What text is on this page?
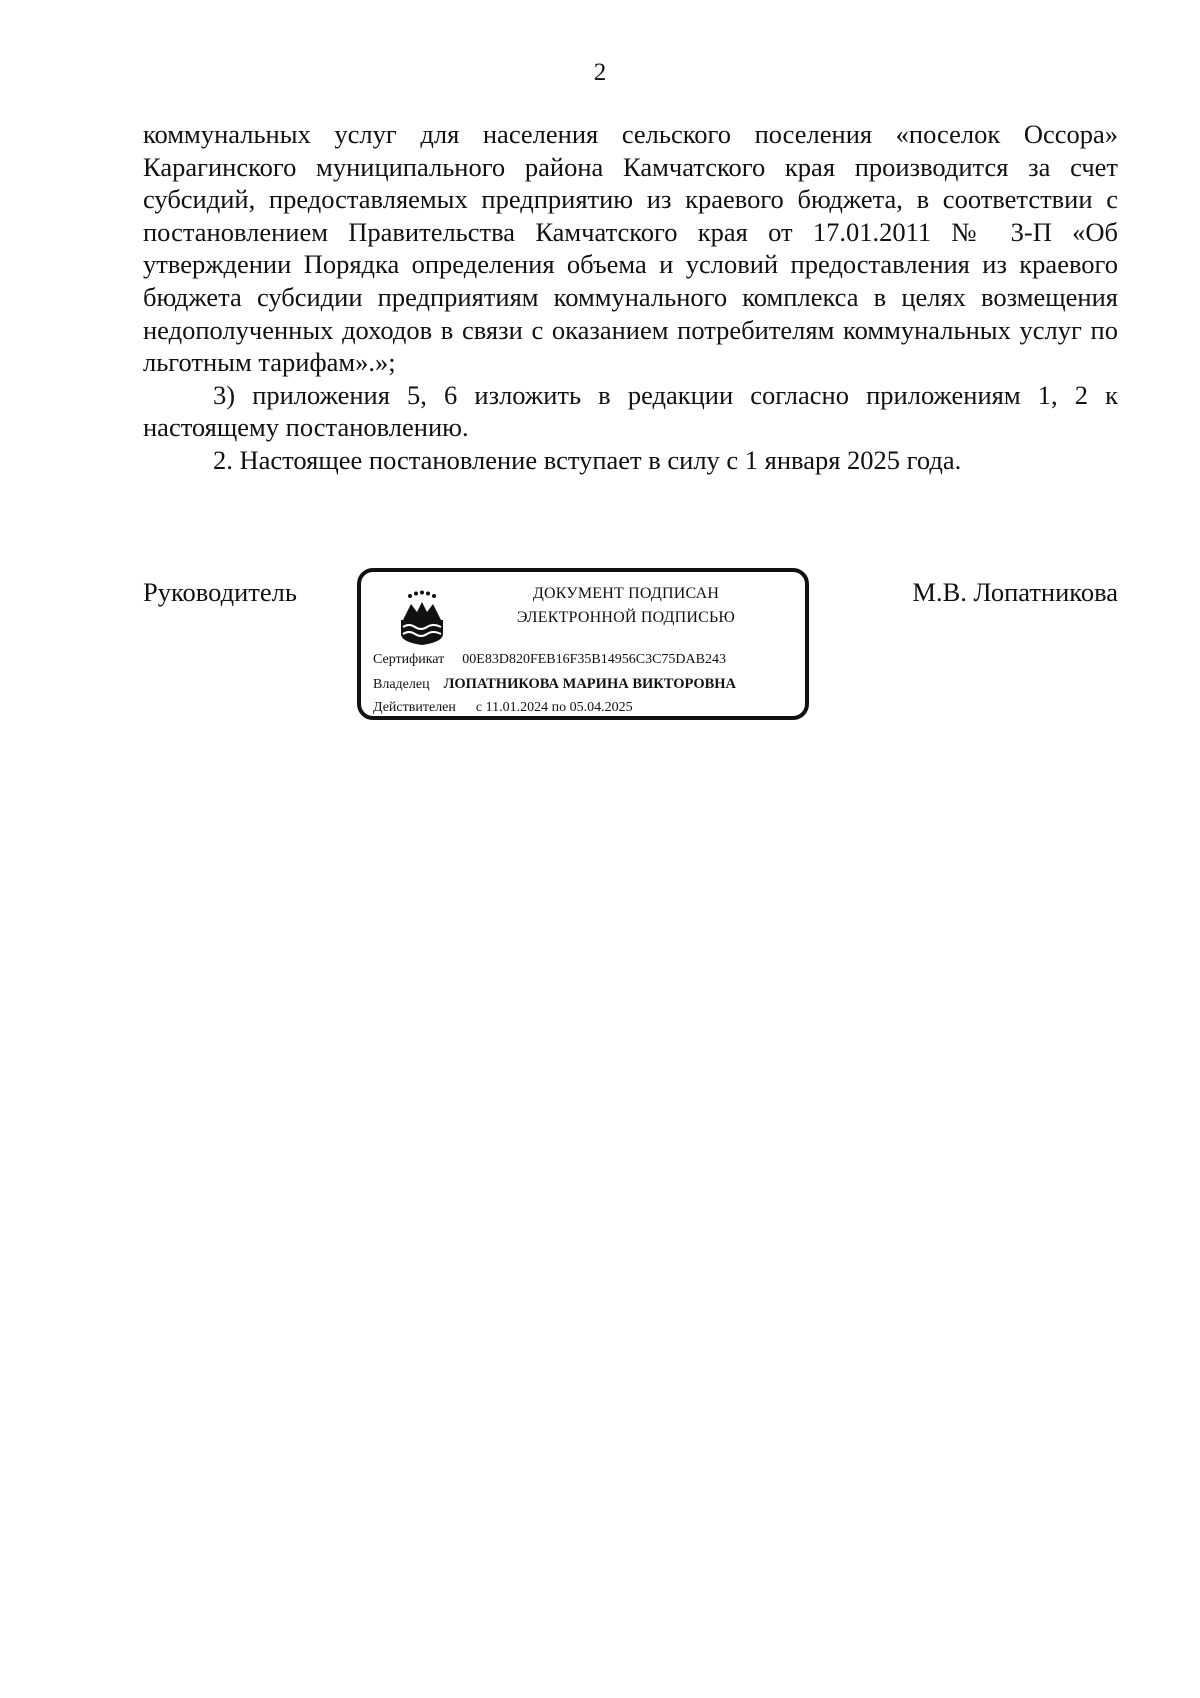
2

коммунальных услуг для населения сельского поселения «поселок Оссора» Карагинского муниципального района Камчатского края производится за счет субсидий, предоставляемых предприятию из краевого бюджета, в соответствии с постановлением Правительства Камчатского края от 17.01.2011 № 3-П «Об утверждении Порядка определения объема и условий предоставления из краевого бюджета субсидии предприятиям коммунального комплекса в целях возмещения недополученных доходов в связи с оказанием потребителям коммунальных услуг по льготным тарифам».»;

3) приложения 5, 6 изложить в редакции согласно приложениям 1, 2 к настоящему постановлению.

2. Настоящее постановление вступает в силу с 1 января 2025 года.

Руководитель	ДОКУМЕНТ ПОДПИСАН
ЭЛЕКТРОННОЙ ПОДПИСЬЮ
Сертификат 00E83D820FEB16F35B14956C3C75DAB243
Владелец ЛОПАТНИКОВА МАРИНА ВИКТОРОВНА
Действителен с 11.01.2024 по 05.04.2025
М.В. Лопатникова
